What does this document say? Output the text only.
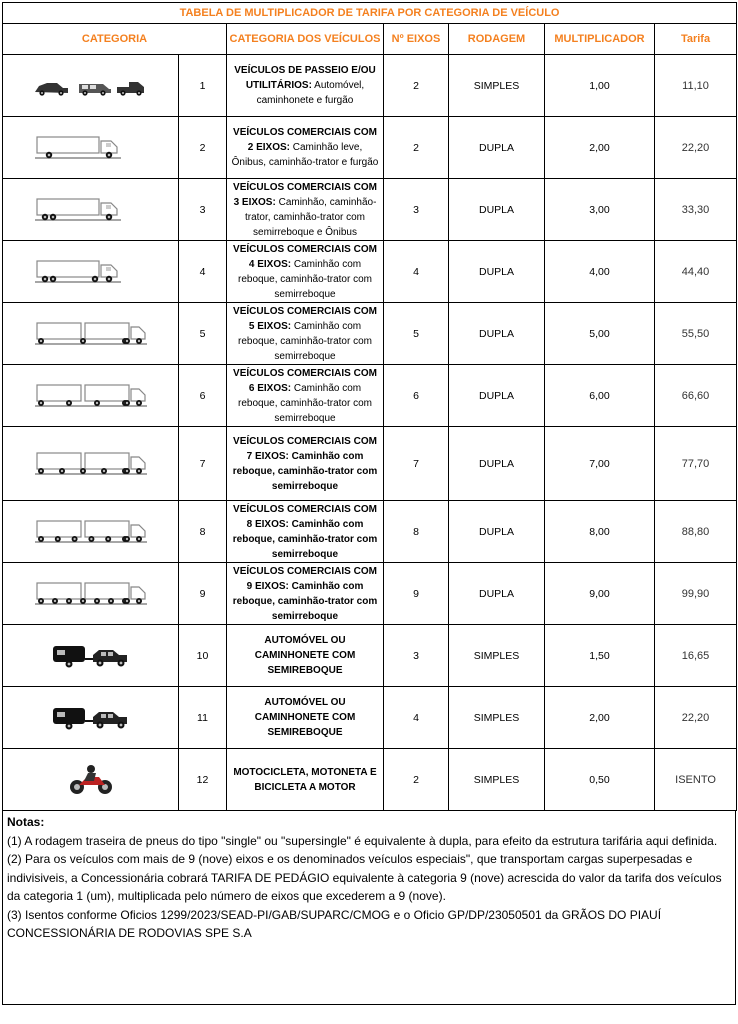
TABELA DE MULTIPLICADOR DE TARIFA POR CATEGORIA DE VEÍCULO						
CATEGORIA		CATEGORIA DOS VEÍCULOS	Nº EIXOS	RODAGEM	MULTIPLICADOR	Tarifa

	1	VEÍCULOS DE PASSEIO E/OU UTILITÁRIOS: Automóvel, caminhonete e furgão	2	SIMPLES	1,00	11,10

	2	VEÍCULOS COMERCIAIS COM 2 EIXOS: Caminhão leve, Ônibus, caminhão-trator e furgão	2	DUPLA	2,00	22,20

	3	VEÍCULOS COMERCIAIS COM 3 EIXOS: Caminhão, caminhão-trator, caminhão-trator com semirreboque e Ônibus	3	DUPLA	3,00	33,30

	4	VEÍCULOS COMERCIAIS COM 4 EIXOS: Caminhão com reboque, caminhão-trator com semirreboque	4	DUPLA	4,00	44,40

	5	VEÍCULOS COMERCIAIS COM 5 EIXOS: Caminhão com reboque, caminhão-trator com semirreboque	5	DUPLA	5,00	55,50

	6	VEÍCULOS COMERCIAIS COM 6 EIXOS: Caminhão com reboque, caminhão-trator com semirreboque	6	DUPLA	6,00	66,60

	7	VEÍCULOS COMERCIAIS COM 7 EIXOS: Caminhão com reboque, caminhão-trator com semirreboque	7	DUPLA	7,00	77,70

	8	VEÍCULOS COMERCIAIS COM 8 EIXOS: Caminhão com reboque, caminhão-trator com semirreboque	8	DUPLA	8,00	88,80

	9	VEÍCULOS COMERCIAIS COM 9 EIXOS: Caminhão com reboque, caminhão-trator com semirreboque	9	DUPLA	9,00	99,90

	10	AUTOMÓVEL OU CAMINHONETE COM SEMIREBOQUE	3	SIMPLES	1,50	16,65

	11	AUTOMÓVEL OU CAMINHONETE COM SEMIREBOQUE	4	SIMPLES	2,00	22,20

	12	MOTOCICLETA, MOTONETA E BICICLETA A MOTOR	2	SIMPLES	0,50	ISENTO

Notas:

(1) A rodagem traseira de pneus do tipo "single" ou "supersingle" é equivalente à dupla, para efeito da estrutura tarifária aqui definida.

(2) Para os veículos com mais de 9 (nove) eixos e os denominados veículos especiais", que transportam cargas superpesadas e indivisiveis, a Concessionária cobrará TARIFA DE PEDÁGIO equivalente à categoria 9 (nove) acrescida do valor da tarifa dos veículos da categoria 1 (um), multiplicada pelo número de eixos que excederem a 9 (nove).

(3) Isentos conforme Oficios 1299/2023/SEAD-PI/GAB/SUPARC/CMOG e o Oficio GP/DP/23050501 da GRÃOS DO PIAUÍ CONCESSIONÁRIA DE RODOVIAS SPE S.A
